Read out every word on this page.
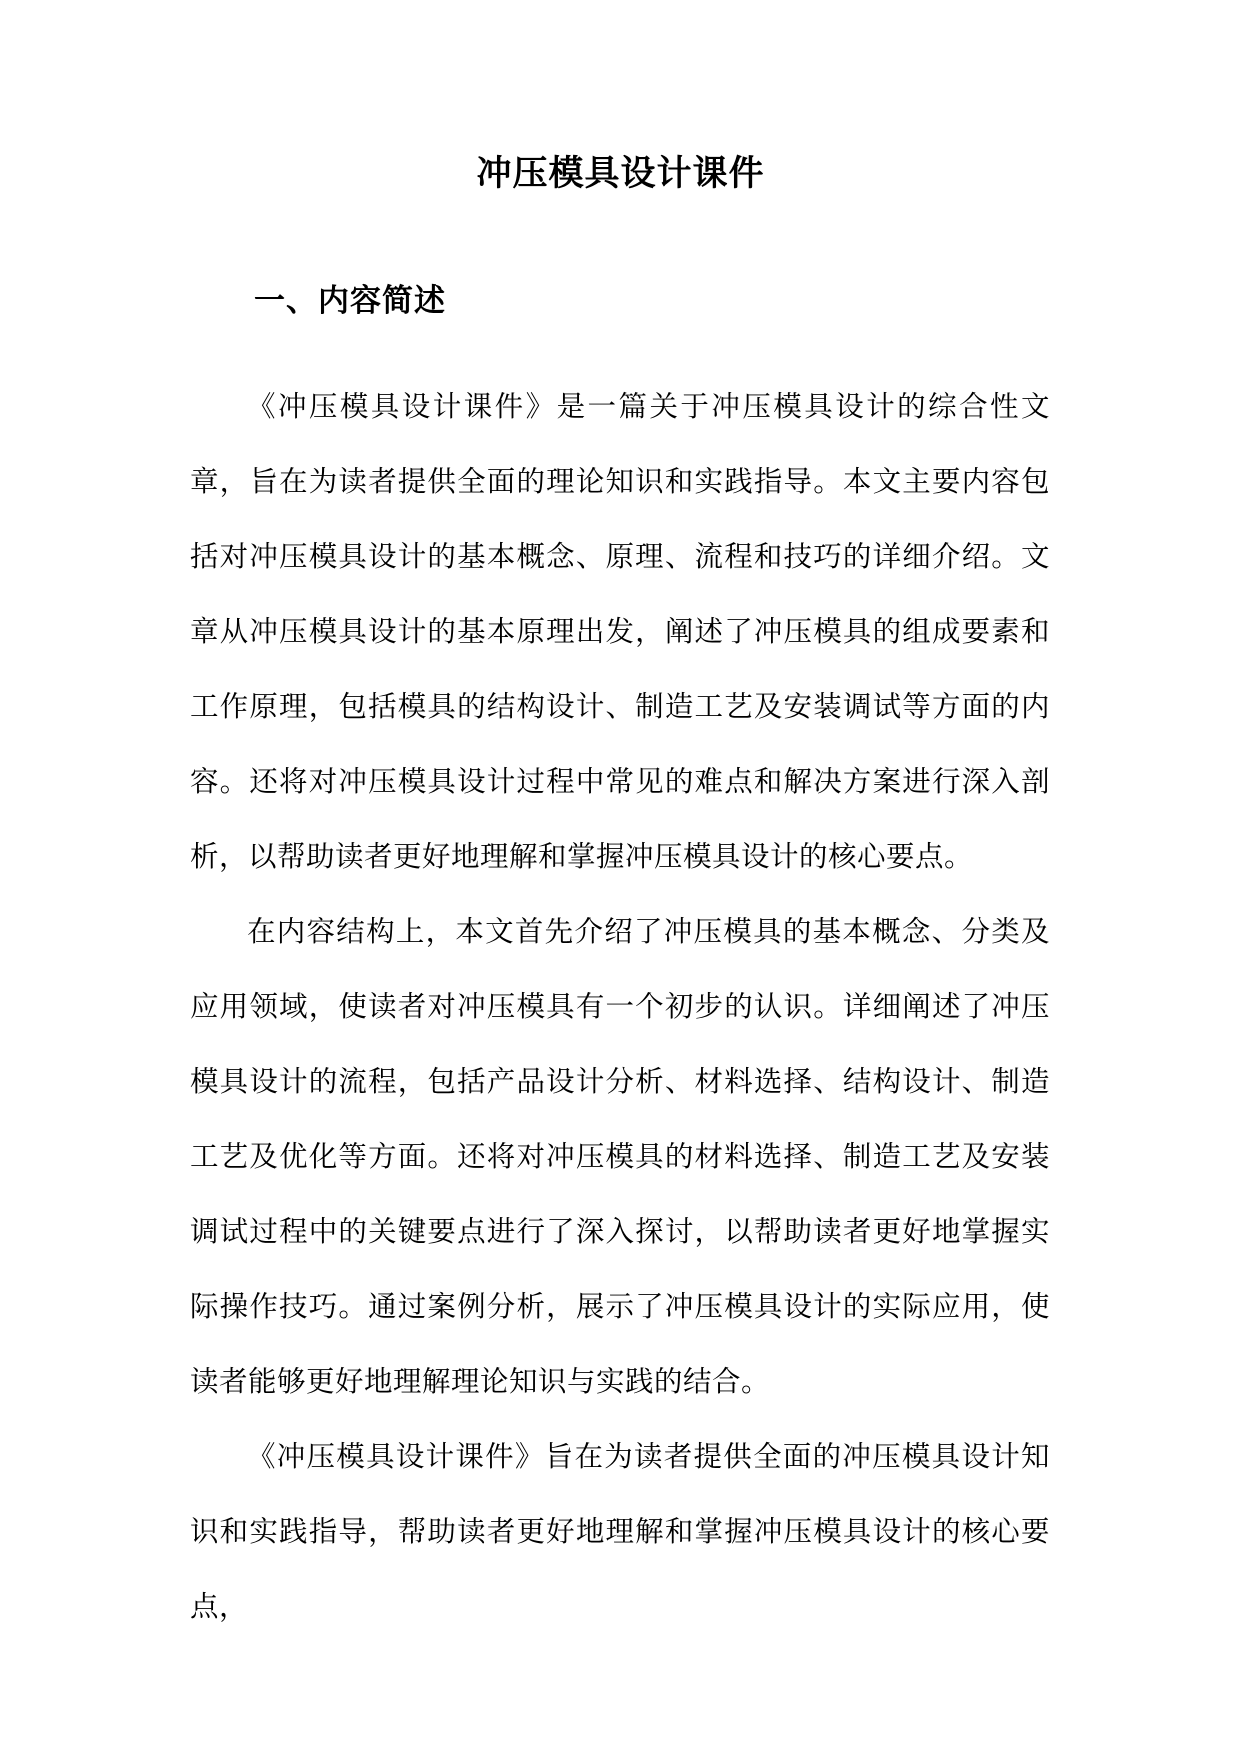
冲压模具设计课件
一、内容简述

《冲压模具设计课件》是一篇关于冲压模具设计的综合性文章，旨在为读者提供全面的理论知识和实践指导。本文主要内容包括对冲压模具设计的基本概念、原理、流程和技巧的详细介绍。文章从冲压模具设计的基本原理出发，阐述了冲压模具的组成要素和工作原理，包括模具的结构设计、制造工艺及安装调试等方面的内容。还将对冲压模具设计过程中常见的难点和解决方案进行深入剖析，以帮助读者更好地理解和掌握冲压模具设计的核心要点。

在内容结构上，本文首先介绍了冲压模具的基本概念、分类及应用领域，使读者对冲压模具有一个初步的认识。详细阐述了冲压模具设计的流程，包括产品设计分析、材料选择、结构设计、制造工艺及优化等方面。还将对冲压模具的材料选择、制造工艺及安装调试过程中的关键要点进行了深入探讨，以帮助读者更好地掌握实际操作技巧。通过案例分析，展示了冲压模具设计的实际应用，使读者能够更好地理解理论知识与实践的结合。

《冲压模具设计课件》旨在为读者提供全面的冲压模具设计知识和实践指导，帮助读者更好地理解和掌握冲压模具设计的核心要点，
